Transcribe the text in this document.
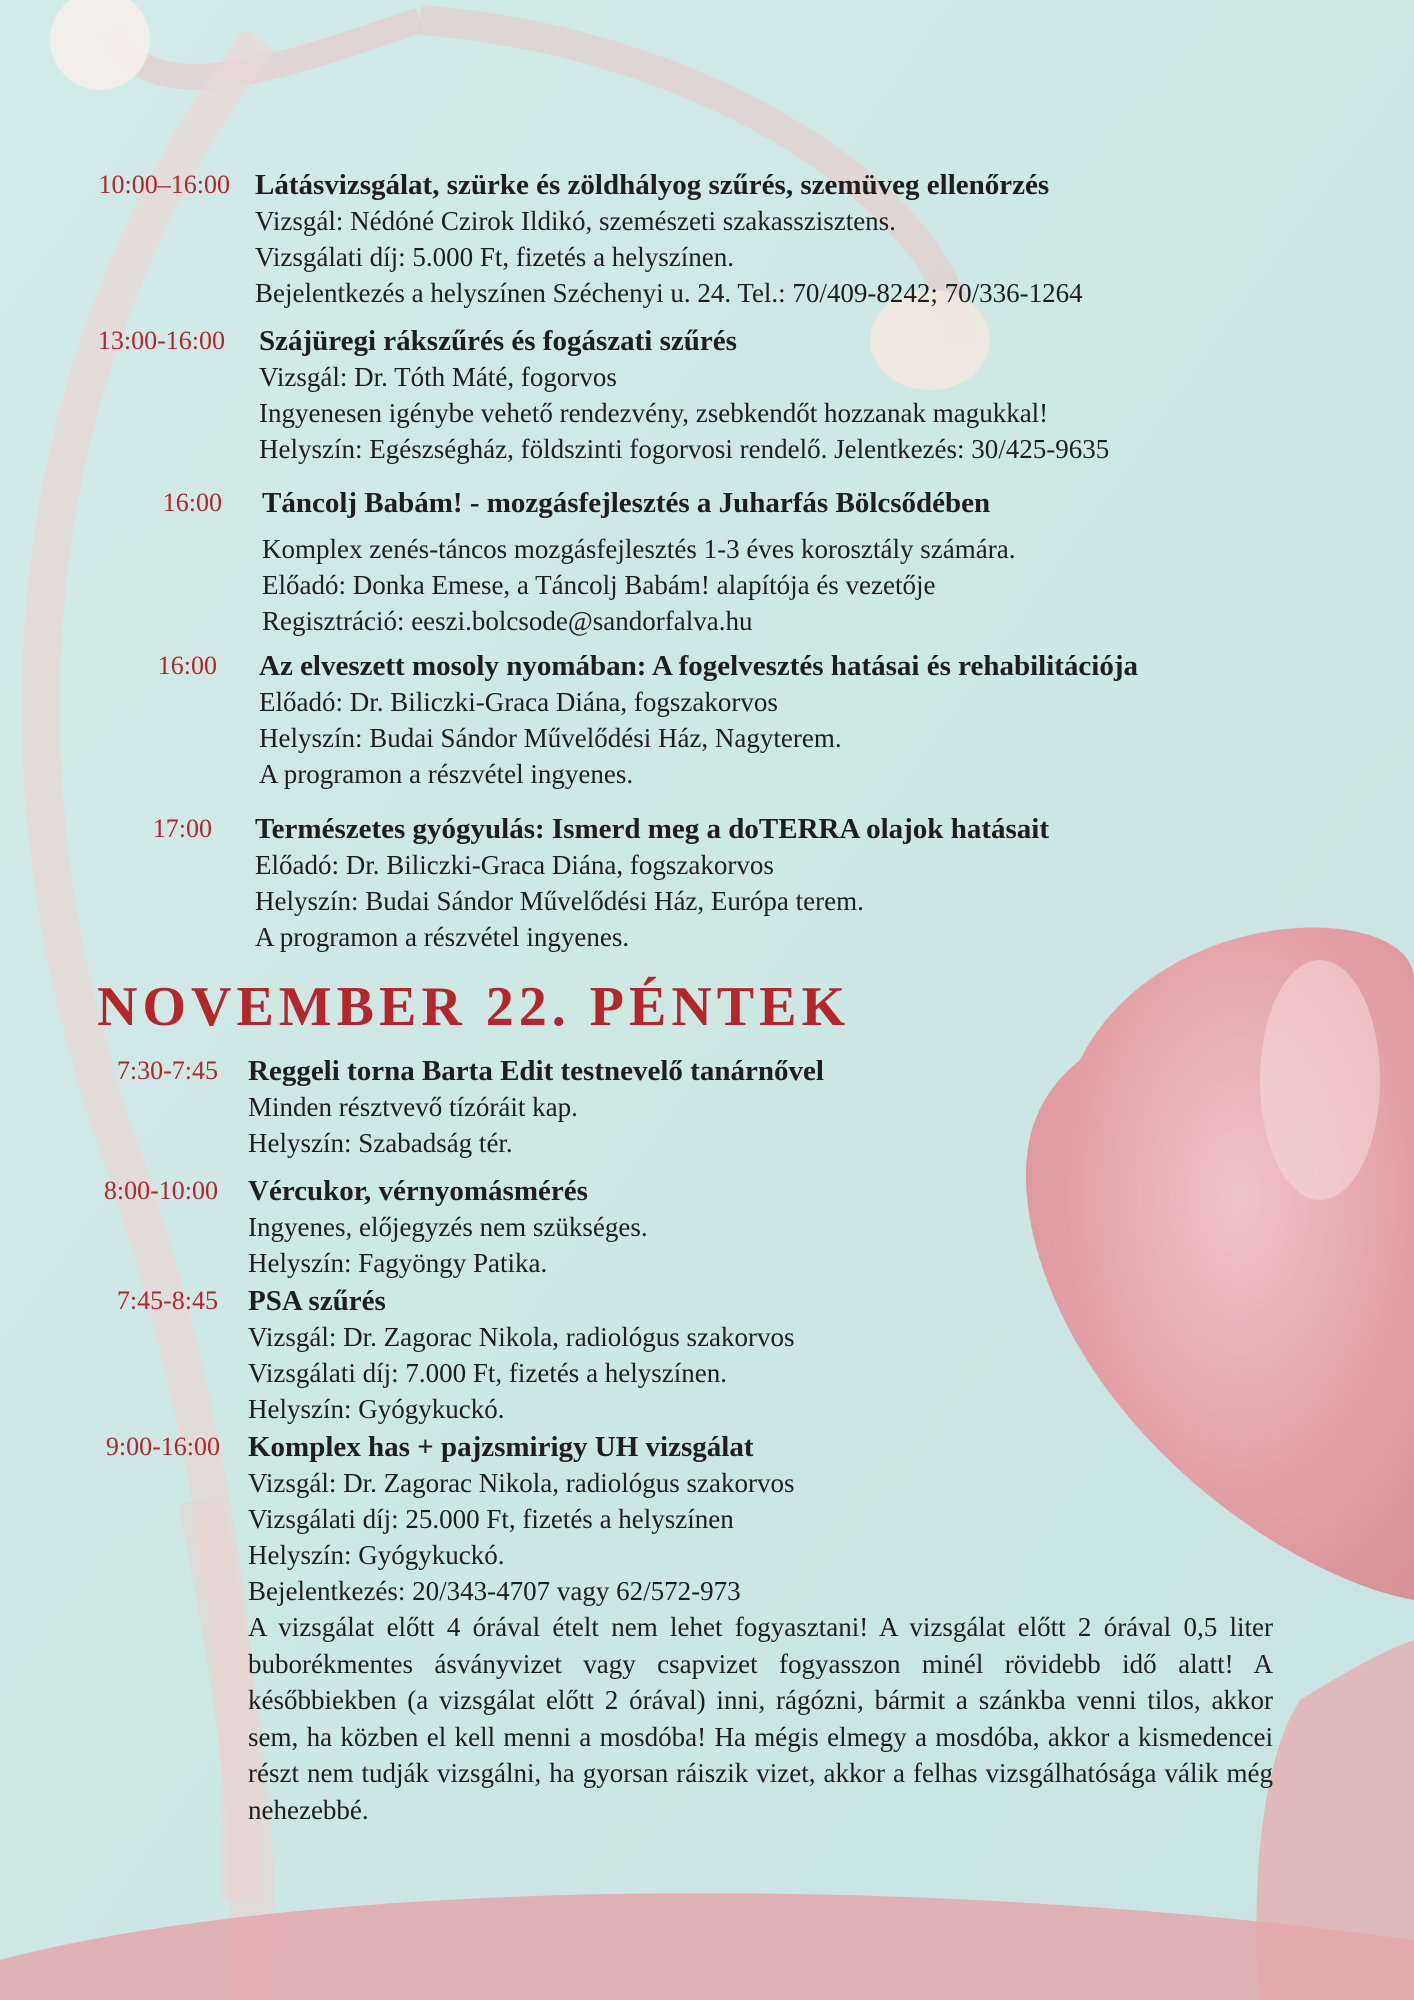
10:00–16:00 Látásvizsgálat, szürke és zöldhályog szűrés, szemüveg ellenőrzés
Vizsgál: Nédóné Czirok Ildikó, szemészeti szakasszisztens.
Vizsgálati díj: 5.000 Ft, fizetés a helyszínen.
Bejelentkezés a helyszínen Széchenyi u. 24. Tel.: 70/409-8242; 70/336-1264
13:00-16:00 Szájüregi rákszűrés és fogászati szűrés
Vizsgál: Dr. Tóth Máté, fogorvos
Ingyenesen igénybe vehető rendezvény, zsebkendőt hozzanak magukkal!
Helyszín: Egészségház, földszinti fogorvosi rendelő. Jelentkezés: 30/425-9635
16:00 Táncolj Babám! - mozgásfejlesztés a Juharfás Bölcsődében
Komplex zenés-táncos mozgásfejlesztés 1-3 éves korosztály számára.
Előadó: Donka Emese, a Táncolj Babám! alapítója és vezetője
Regisztráció: eeszi.bolcsode@sandorfalva.hu
16:00 Az elveszett mosoly nyomában: A fogelvesztés hatásai és rehabilitációja
Előadó: Dr. Biliczki-Graca Diána, fogszakorvos
Helyszín: Budai Sándor Művelődési Ház, Nagyterem.
A programon a részvétel ingyenes.
17:00 Természetes gyógyulás: Ismerd meg a doTERRA olajok hatásait
Előadó: Dr. Biliczki-Graca Diána, fogszakorvos
Helyszín: Budai Sándor Művelődési Ház, Európa terem.
A programon a részvétel ingyenes.
NOVEMBER 22. PÉNTEK
7:30-7:45 Reggeli torna Barta Edit testnevelő tanárnővel
Minden résztvevő tízóráit kap.
Helyszín: Szabadság tér.
8:00-10:00 Vércukor, vérnyomásmérés
Ingyenes, előjegyzés nem szükséges.
Helyszín: Fagyöngy Patika.
7:45-8:45 PSA szűrés
Vizsgál: Dr. Zagorac Nikola, radiológus szakorvos
Vizsgálati díj: 7.000 Ft, fizetés a helyszínen.
Helyszín: Gyógykuckó.
9:00-16:00 Komplex has + pajzsmirigy UH vizsgálat
Vizsgál: Dr. Zagorac Nikola, radiológus szakorvos
Vizsgálati díj: 25.000 Ft, fizetés a helyszínen
Helyszín: Gyógykuckó.
Bejelentkezés: 20/343-4707 vagy 62/572-973
A vizsgálat előtt 4 órával ételt nem lehet fogyasztani! A vizsgálat előtt 2 órával 0,5 liter buborékmentes ásványvizet vagy csapvizet fogyasszon minél rövidebb idő alatt! A későbbiekben (a vizsgálat előtt 2 órával) inni, rágózni, bármit a szánkba venni tilos, akkor sem, ha közben el kell menni a mosdóba! Ha mégis elmegy a mosdóba, akkor a kismedencei részt nem tudják vizsgálni, ha gyorsan ráiszik vizet, akkor a felhas vizsgálhatósága válik még nehezebbé.
